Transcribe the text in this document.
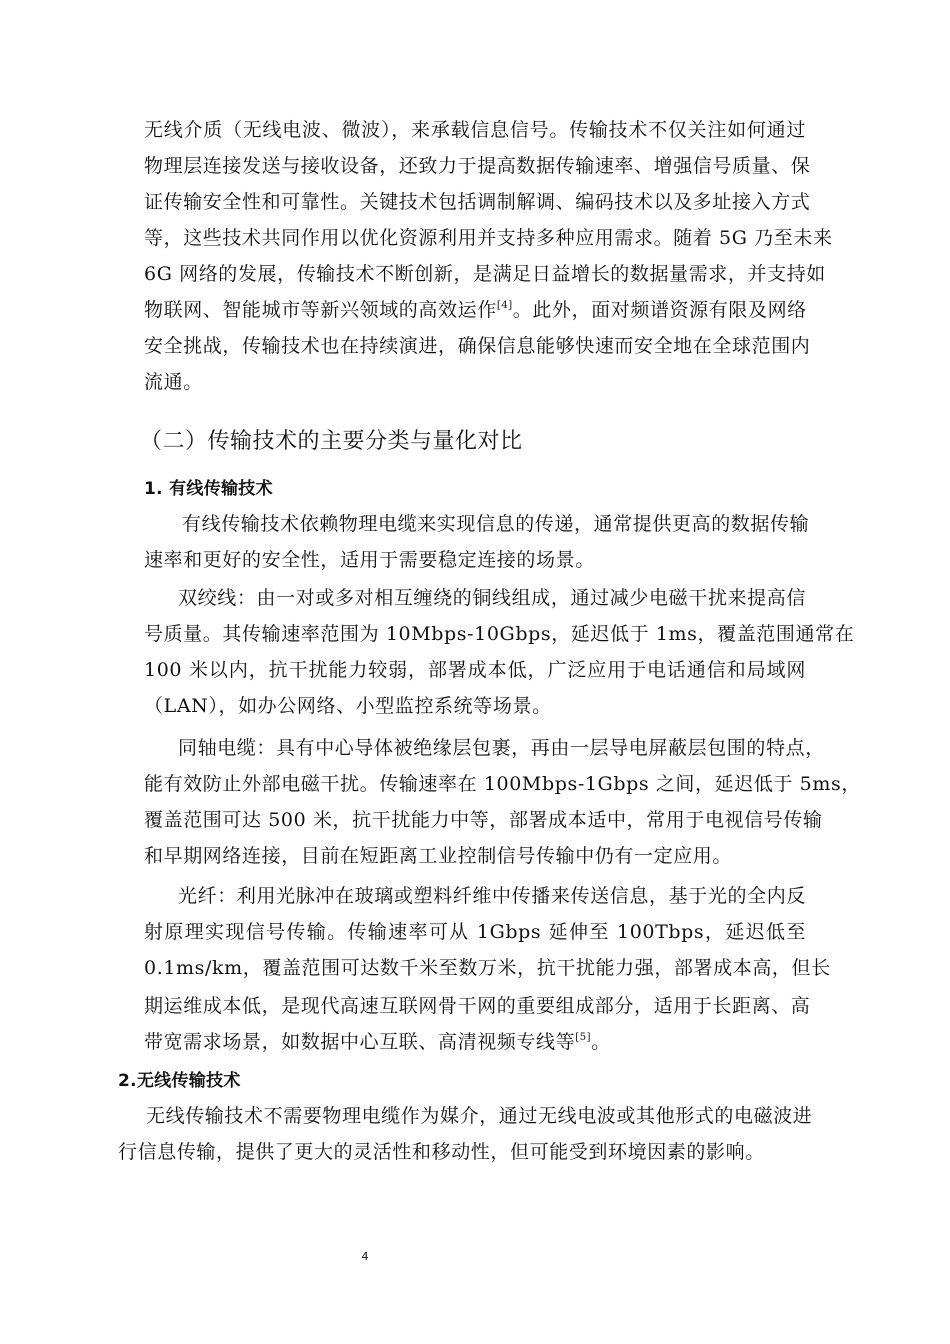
无线介质（无线电波、微波），来承载信息信号。传输技术不仅关注如何通过
物理层连接发送与接收设备，还致力于提高数据传输速率、增强信号质量、保
证传输安全性和可靠性。关键技术包括调制解调、编码技术以及多址接入方式
等，这些技术共同作用以优化资源利用并支持多种应用需求。随着 5G 乃至未来
6G 网络的发展，传输技术不断创新，是满足日益增长的数据量需求，并支持如
物联网、智能城市等新兴领域的高效运作[4]。此外，面对频谱资源有限及网络
安全挑战，传输技术也在持续演进，确保信息能够快速而安全地在全球范围内
流通。
（二）传输技术的主要分类与量化对比
1. 有线传输技术
有线传输技术依赖物理电缆来实现信息的传递，通常提供更高的数据传输
速率和更好的安全性，适用于需要稳定连接的场景。
双绞线：由一对或多对相互缠绕的铜线组成，通过减少电磁干扰来提高信
号质量。其传输速率范围为 10Mbps-10Gbps，延迟低于 1ms，覆盖范围通常在
100 米以内，抗干扰能力较弱，部署成本低，广泛应用于电话通信和局域网
（LAN），如办公网络、小型监控系统等场景。
同轴电缆：具有中心导体被绝缘层包裹，再由一层导电屏蔽层包围的特点，
能有效防止外部电磁干扰。传输速率在 100Mbps-1Gbps 之间，延迟低于 5ms，
覆盖范围可达 500 米，抗干扰能力中等，部署成本适中，常用于电视信号传输
和早期网络连接，目前在短距离工业控制信号传输中仍有一定应用。
光纤：利用光脉冲在玻璃或塑料纤维中传播来传送信息，基于光的全内反
射原理实现信号传输。传输速率可从 1Gbps 延伸至 100Tbps，延迟低至
0.1ms/km，覆盖范围可达数千米至数万米，抗干扰能力强，部署成本高，但长
期运维成本低，是现代高速互联网骨干网的重要组成部分，适用于长距离、高
带宽需求场景，如数据中心互联、高清视频专线等[5]。
2.无线传输技术
无线传输技术不需要物理电缆作为媒介，通过无线电波或其他形式的电磁波进
行信息传输，提供了更大的灵活性和移动性，但可能受到环境因素的影响。
4
